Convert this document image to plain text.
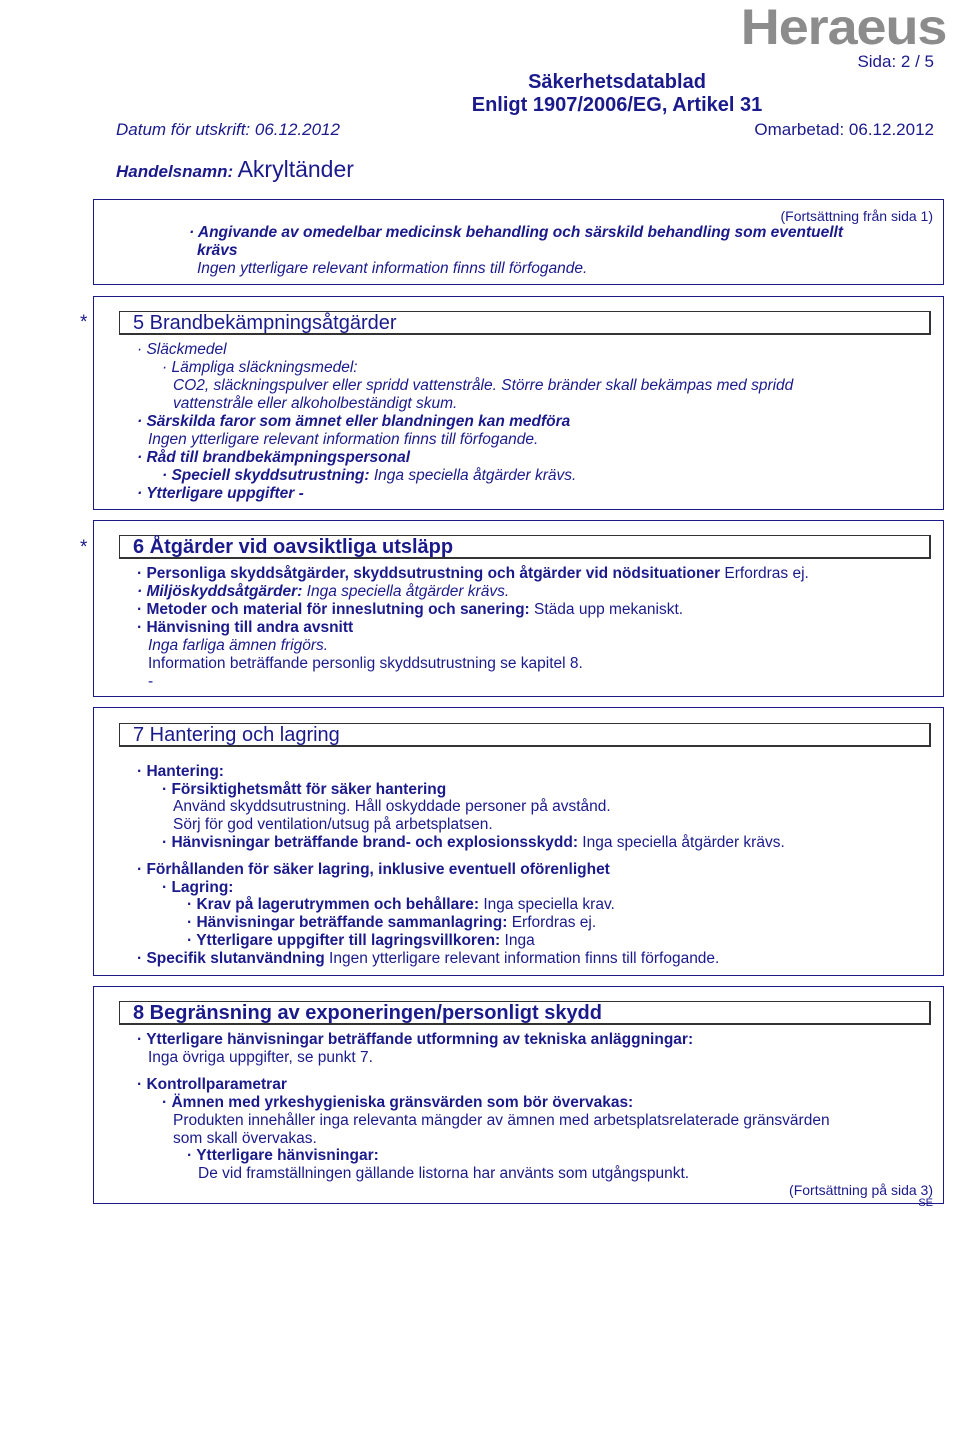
Heraeus
Sida: 2 / 5
Säkerhetsdatablad
Enligt 1907/2006/EG, Artikel 31
Datum för utskrift: 06.12.2012	Omarbetad: 06.12.2012
Handelsnamn: Akryltänder
(Fortsättning från sida 1)
· Angivande av omedelbar medicinsk behandling och särskild behandling som eventuellt
krävs
Ingen ytterligare relevant information finns till förfogande.
*	5 Brandbekämpningsåtgärder
· Släckmedel
· Lämpliga släckningsmedel:
CO2, släckningspulver eller spridd vattenstråle. Större bränder skall bekämpas med spridd
vattenstråle eller alkoholbeständigt skum.
· Särskilda faror som ämnet eller blandningen kan medföra
Ingen ytterligare relevant information finns till förfogande.
· Råd till brandbekämpningspersonal
· Speciell skyddsutrustning: Inga speciella åtgärder krävs.
· Ytterligare uppgifter -
*	6 Åtgärder vid oavsiktliga utsläpp
· Personliga skyddsåtgärder, skyddsutrustning och åtgärder vid nödsituationer Erfordras ej.
· Miljöskyddsåtgärder: Inga speciella åtgärder krävs.
· Metoder och material för inneslutning och sanering: Städa upp mekaniskt.
· Hänvisning till andra avsnitt
Inga farliga ämnen frigörs.
Information beträffande personlig skyddsutrustning se kapitel 8.
-
7 Hantering och lagring
· Hantering:
· Försiktighetsmått för säker hantering
Använd skyddsutrustning. Håll oskyddade personer på avstånd.
Sörj för god ventilation/utsug på arbetsplatsen.
· Hänvisningar beträffande brand- och explosionsskydd: Inga speciella åtgärder krävs.
· Förhållanden för säker lagring, inklusive eventuell oförenlighet
· Lagring:
· Krav på lagerutrymmen och behållare: Inga speciella krav.
· Hänvisningar beträffande sammanlagring: Erfordras ej.
· Ytterligare uppgifter till lagringsvillkoren: Inga
· Specifik slutanvändning Ingen ytterligare relevant information finns till förfogande.
8 Begränsning av exponeringen/personligt skydd
· Ytterligare hänvisningar beträffande utformning av tekniska anläggningar:
Inga övriga uppgifter, se punkt 7.
· Kontrollparametrar
· Ämnen med yrkeshygieniska gränsvärden som bör övervakas:
Produkten innehåller inga relevanta mängder av ämnen med arbetsplatsrelaterade gränsvärden
som skall övervakas.
· Ytterligare hänvisningar:
De vid framställningen gällande listorna har använts som utgångspunkt.
(Fortsättning på sida 3)
SE
